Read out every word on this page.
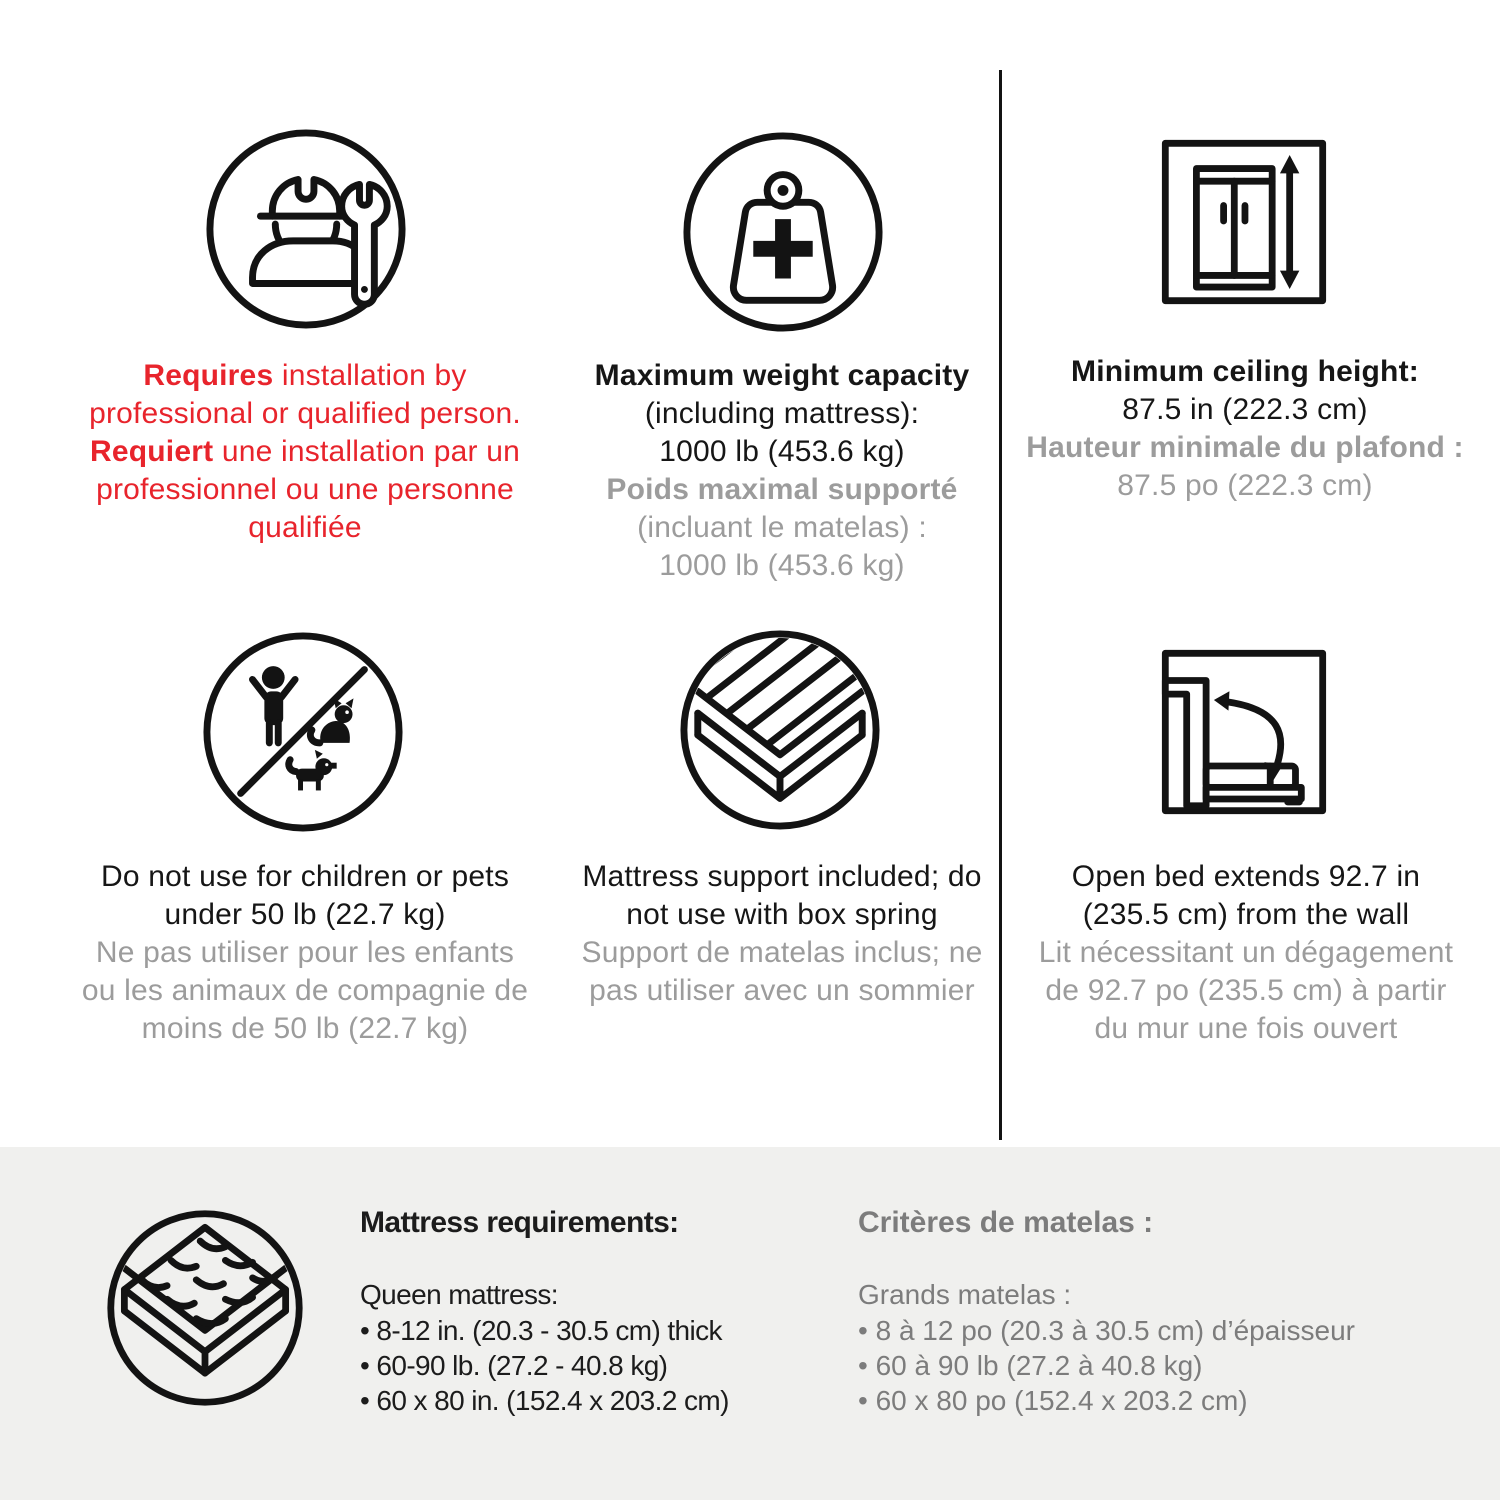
Requires installation by
professional or qualified person.
Requiert une installation par un
professionnel ou une personne
qualifiée
Maximum weight capacity
(including mattress):
1000 lb (453.6 kg)
Poids maximal supporté
(incluant le matelas) :
1000 lb (453.6 kg)
Minimum ceiling height:
87.5 in (222.3 cm)
Hauteur minimale du plafond :
87.5 po (222.3 cm)
Do not use for children or pets
under 50 lb (22.7 kg)
Ne pas utiliser pour les enfants
ou les animaux de compagnie de
moins de 50 lb (22.7 kg)
Mattress support included; do
not use with box spring
Support de matelas inclus; ne
pas utiliser avec un sommier
Open bed extends 92.7 in
(235.5 cm) from the wall
Lit nécessitant un dégagement
de 92.7 po (235.5 cm) à partir
du mur une fois ouvert
Mattress requirements:
Queen mattress:
• 8-12 in. (20.3 - 30.5 cm) thick
• 60-90 lb. (27.2 - 40.8 kg)
• 60 x 80 in. (152.4 x 203.2 cm)
Critères de matelas :
Grands matelas :
• 8 à 12 po (20.3 à 30.5 cm) d’épaisseur
• 60 à 90 lb (27.2 à 40.8 kg)
• 60 x 80 po (152.4 x 203.2 cm)
